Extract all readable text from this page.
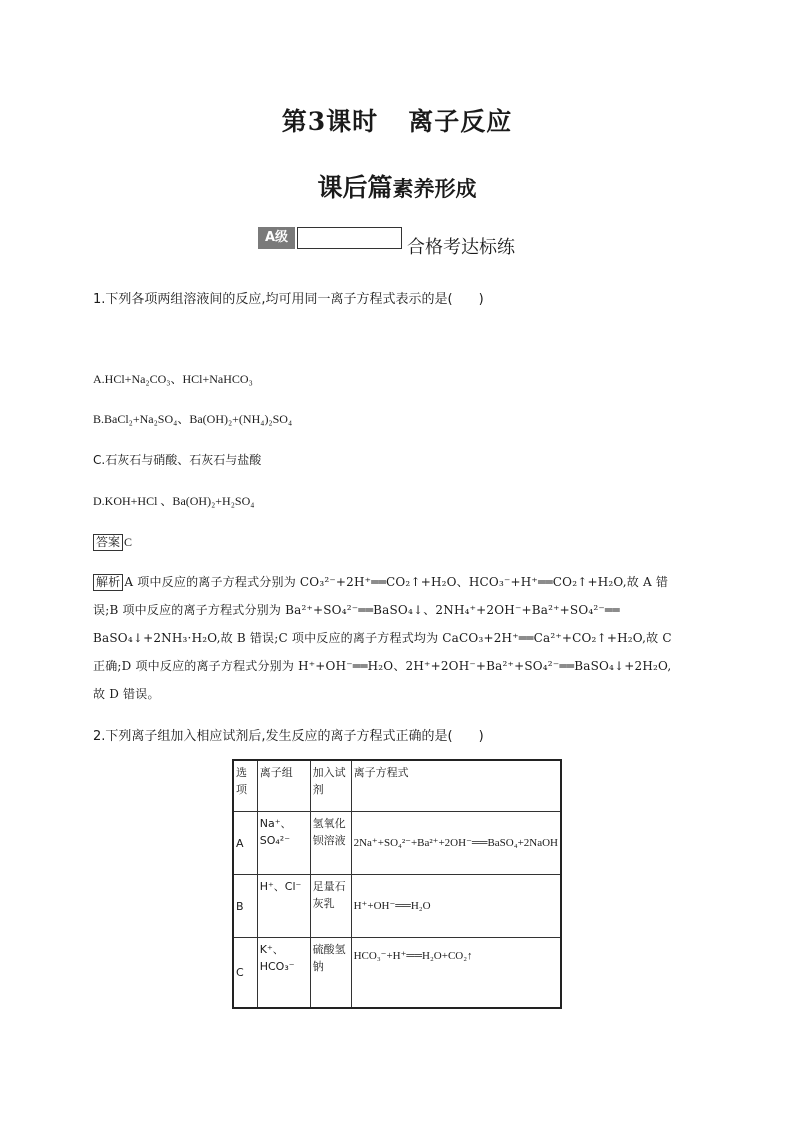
第3课时 离子反应
课后篇素养形成
A级	合格考达标练
1.下列各项两组溶液间的反应,均可用同一离子方程式表示的是(　　)
A.HCl+Na₂CO₃、HCl+NaHCO₃
B.BaCl₂+Na₂SO₄、Ba(OH)₂+(NH₄)₂SO₄
C.石灰石与硝酸、石灰石与盐酸
D.KOH+HCl 、Ba(OH)₂+H₂SO₄
答案 C

解析 A 项中反应的离子方程式分别为 CO₃²⁻+2H⁺══CO₂↑+H₂O、HCO₃⁻+H⁺══CO₂↑+H₂O,故 A 错

误;B 项中反应的离子方程式分别为 Ba²⁺+SO₄²⁻══BaSO₄↓、2NH₄⁺+2OH⁻+Ba²⁺+SO₄²⁻══

BaSO₄↓+2NH₃·H₂O,故 B 错误;C 项中反应的离子方程式均为 CaCO₃+2H⁺══Ca²⁺+CO₂↑+H₂O,故 C

正确;D 项中反应的离子方程式分别为 H⁺+OH⁻══H₂O、2H⁺+2OH⁻+Ba²⁺+SO₄²⁻══BaSO₄↓+2H₂O,

故 D 错误。

2.下列离子组加入相应试剂后,发生反应的离子方程式正确的是(　　)
选项	离子组	加入试剂	离子方程式
A	Na⁺、SO₄²⁻	氢氧化钡溶液	2Na⁺+SO₄²⁻+Ba²⁺+2OH⁻══BaSO₄+2NaOH
B	H⁺、Cl⁻	足量石灰乳	H⁺+OH⁻══H₂O
C	K⁺、HCO₃⁻	硫酸氢钠	HCO₃⁻+H⁺══H₂O+CO₂↑
